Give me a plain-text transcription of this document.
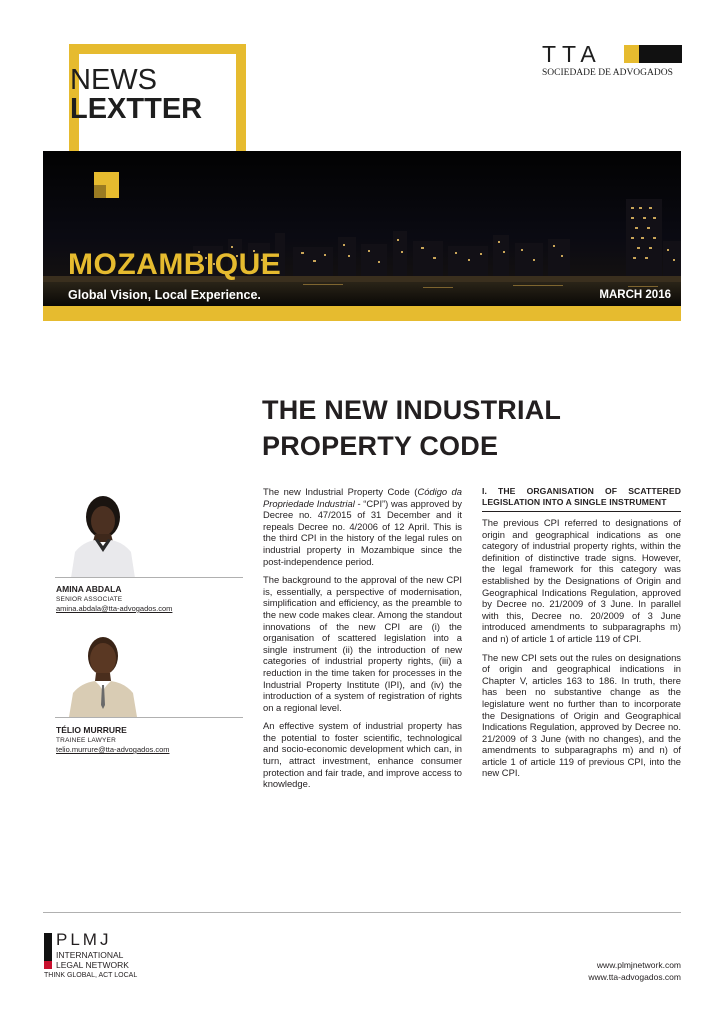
NEWS
LEXTTER
TTA
SOCIEDADE DE ADVOGADOS
MOZAMBIQUE
Global Vision, Local Experience.	MARCH 2016
THE NEW INDUSTRIAL
PROPERTY CODE
AMINA ABDALA
SENIOR ASSOCIATE
amina.abdala@tta-advogados.com
TÉLIO MURRURE
TRAINEE LAWYER
telio.murrure@tta-advogados.com

The new Industrial Property Code (Código da Propriedade Industrial - “CPI”) was approved by Decree no. 47/2015 of 31 December and it repeals Decree no. 4/2006 of 12 April. This is the third CPI in the history of the legal rules on industrial property in Mozambique since the post-independence period.

The background to the approval of the new CPI is, essentially, a perspective of modernisation, simplification and efficiency, as the preamble to the new code makes clear. Among the standout innovations of the new CPI are (i) the organisation of scattered legislation into a single instrument (ii) the introduction of new categories of industrial property rights, (iii) a reduction in the time taken for processes in the Industrial Property Institute (IPI), and (iv) the introduction of a system of registration of rights on a regional level.

An effective system of industrial property has the potential to foster scientific, technological and socio-economic development which can, in turn, attract investment, enhance consumer protection and fair trade, and improve access to knowledge.

I. THE ORGANISATION OF SCATTERED LEGISLATION INTO A SINGLE INSTRUMENT

The previous CPI referred to designations of origin and geographical indications as one category of industrial property rights, within the definition of distinctive trade signs. However, the legal framework for this category was established by the Designations of Origin and Geographical Indications Regulation, approved by Decree no. 21/2009 of 3 June. In parallel with this, Decree no. 20/2009 of 3 June introduced amendments to subparagraphs m) and n) of article 1 of article 119 of CPI.

The new CPI sets out the rules on designations of origin and geographical indications in Chapter V, articles 163 to 186. In truth, there has been no substantive change as the legislature went no further than to incorporate the Designations of Origin and Geographical Indications Regulation, approved by Decree no. 21/2009 of 3 June (with no changes), and the amendments to subparagraphs m) and n) of article 1 of article 119 of previous CPI, into the new CPI.

PLMJ
INTERNATIONAL
LEGAL NETWORK
THINK GLOBAL, ACT LOCAL
www.plmjnetwork.com
www.tta-advogados.com
